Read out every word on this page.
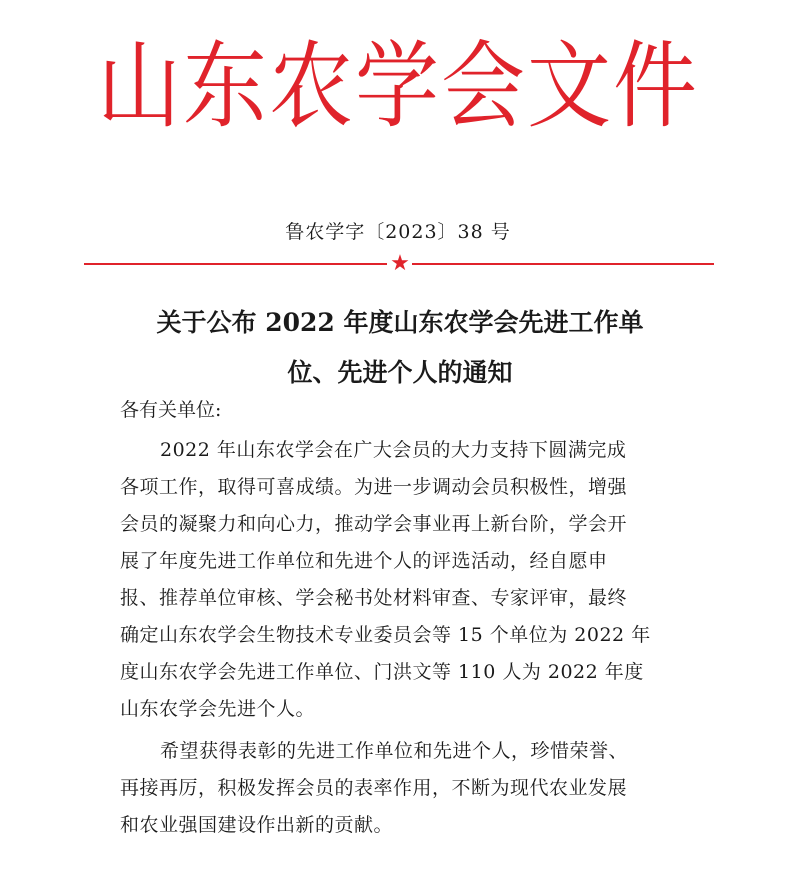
山东农学会文件
鲁农学字〔2023〕38 号
★
关于公布 2022 年度山东农学会先进工作单
位、先进个人的通知

各有关单位:

2022 年山东农学会在广大会员的大力支持下圆满完成
各项工作，取得可喜成绩。为进一步调动会员积极性，增强
会员的凝聚力和向心力，推动学会事业再上新台阶，学会开
展了年度先进工作单位和先进个人的评选活动，经自愿申
报、推荐单位审核、学会秘书处材料审查、专家评审，最终
确定山东农学会生物技术专业委员会等 15 个单位为 2022 年
度山东农学会先进工作单位、门洪文等 110 人为 2022 年度
山东农学会先进个人。

希望获得表彰的先进工作单位和先进个人，珍惜荣誉、
再接再厉，积极发挥会员的表率作用，不断为现代农业发展
和农业强国建设作出新的贡献。
